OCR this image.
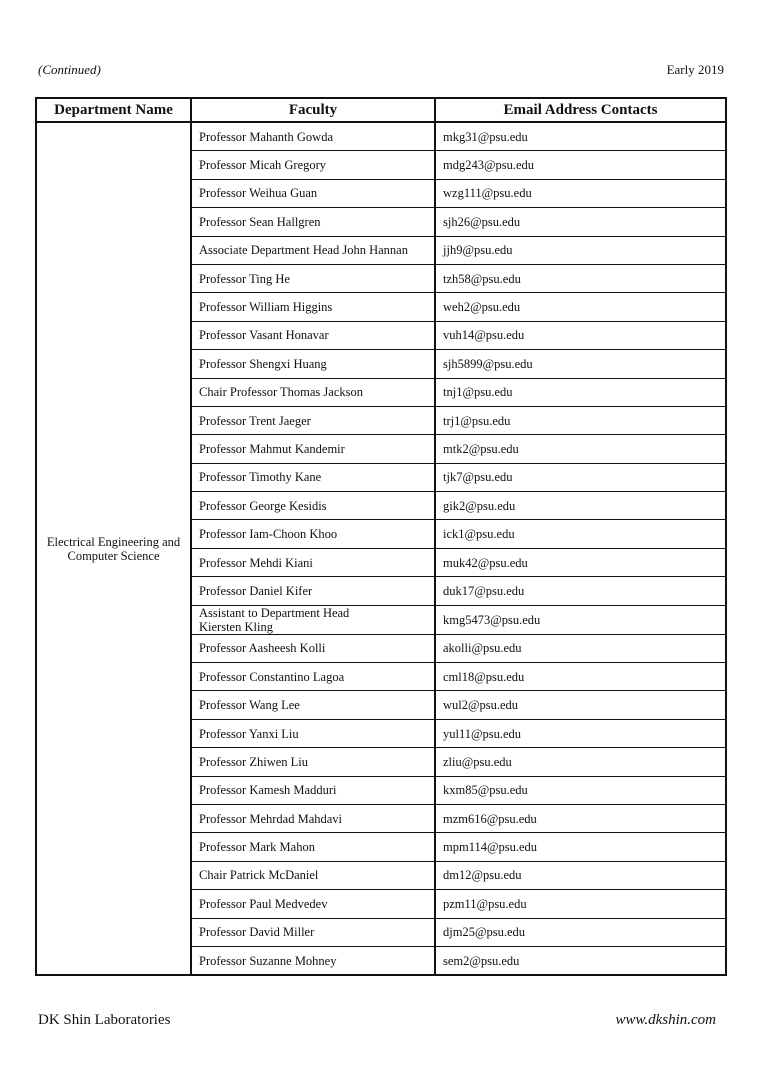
(Continued)	Early 2019
Department Name	Faculty	Email Address Contacts
Electrical Engineering and Computer Science	Professor Mahanth Gowda	mkg31@psu.edu
	Professor Micah Gregory	mdg243@psu.edu
	Professor Weihua Guan	wzg111@psu.edu
	Professor Sean Hallgren	sjh26@psu.edu
	Associate Department Head John Hannan	jjh9@psu.edu
	Professor Ting He	tzh58@psu.edu
	Professor William Higgins	weh2@psu.edu
	Professor Vasant Honavar	vuh14@psu.edu
	Professor Shengxi Huang	sjh5899@psu.edu
	Chair Professor Thomas Jackson	tnj1@psu.edu
	Professor Trent Jaeger	trj1@psu.edu
	Professor Mahmut Kandemir	mtk2@psu.edu
	Professor Timothy Kane	tjk7@psu.edu
	Professor George Kesidis	gik2@psu.edu
	Professor Iam-Choon Khoo	ick1@psu.edu
	Professor Mehdi Kiani	muk42@psu.edu
	Professor Daniel Kifer	duk17@psu.edu
	Assistant to Department Head
Kiersten Kling	kmg5473@psu.edu
	Professor Aasheesh Kolli	akolli@psu.edu
	Professor Constantino Lagoa	cml18@psu.edu
	Professor Wang Lee	wul2@psu.edu
	Professor Yanxi Liu	yul11@psu.edu
	Professor Zhiwen Liu	zliu@psu.edu
	Professor Kamesh Madduri	kxm85@psu.edu
	Professor Mehrdad Mahdavi	mzm616@psu.edu
	Professor Mark Mahon	mpm114@psu.edu
	Chair Patrick McDaniel	dm12@psu.edu
	Professor Paul Medvedev	pzm11@psu.edu
	Professor David Miller	djm25@psu.edu
	Professor Suzanne Mohney	sem2@psu.edu
DK Shin Laboratories	www.dkshin.com
